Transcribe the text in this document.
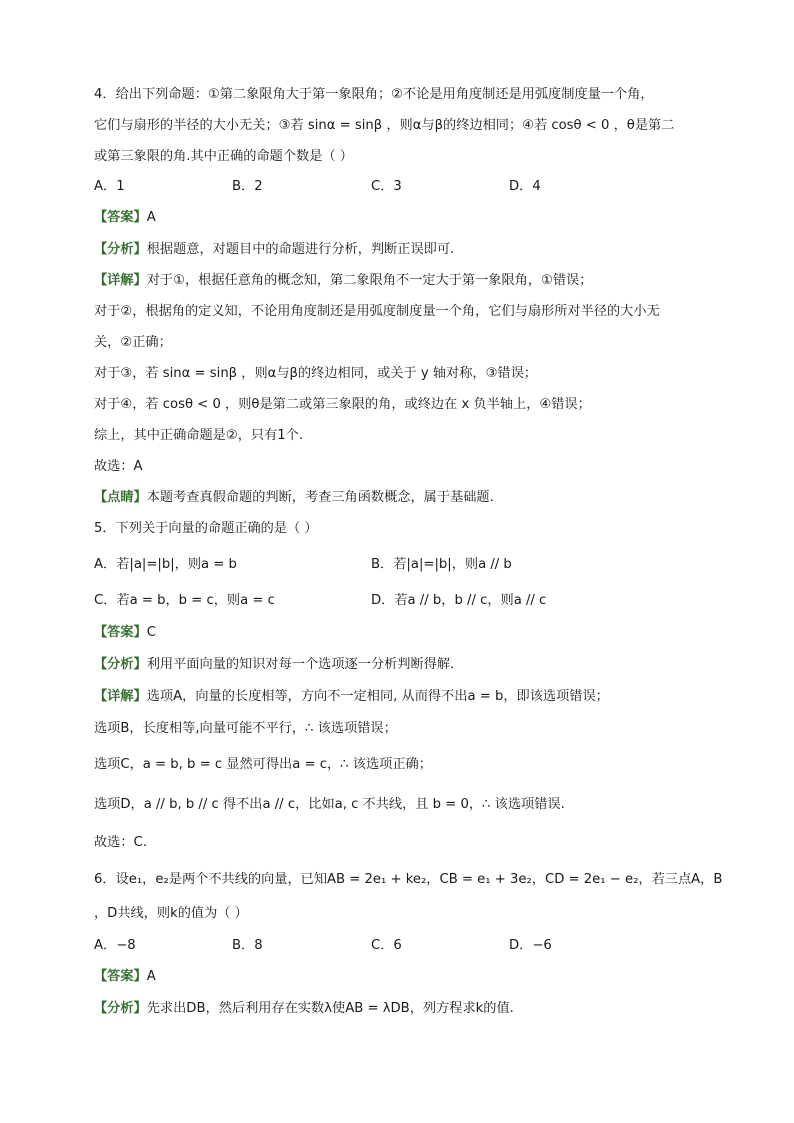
4．给出下列命题：①第二象限角大于第一象限角；②不论是用角度制还是用弧度制度量一个角，
它们与扇形的半径的大小无关；③若 sinα = sinβ ，则α与β的终边相同；④若 cosθ < 0 ，θ是第二
或第三象限的角.其中正确的命题个数是（ ）
A．1	B．2	C．3	D．4
【答案】A
【分析】根据题意，对题目中的命题进行分析，判断正误即可.
【详解】对于①，根据任意角的概念知，第二象限角不一定大于第一象限角，①错误；
对于②，根据角的定义知，不论用角度制还是用弧度制度量一个角，它们与扇形所对半径的大小无
关，②正确；
对于③，若 sinα = sinβ ，则α与β的终边相同，或关于 y 轴对称，③错误；
对于④，若 cosθ < 0 ，则θ是第二或第三象限的角，或终边在 x 负半轴上，④错误；
综上，其中正确命题是②，只有1个.
故选：A
【点睛】本题考查真假命题的判断，考查三角函数概念，属于基础题.
5．下列关于向量的命题正确的是（ ）
A．若|a|=|b|，则a = b	B．若|a|=|b|，则a // b
C．若a = b，b = c，则a = c	D．若a // b，b // c，则a // c
【答案】C
【分析】利用平面向量的知识对每一个选项逐一分析判断得解．
【详解】选项A，向量的长度相等，方向不一定相同, 从而得不出a = b，即该选项错误；
选项B，长度相等,向量可能不平行，∴ 该选项错误；
选项C，a = b, b = c 显然可得出a = c，∴ 该选项正确；
选项D，a // b, b // c 得不出a // c，比如a, c 不共线，且 b = 0，∴ 该选项错误.
故选：C.
6．设e₁，e₂是两个不共线的向量，已知AB = 2e₁ + ke₂，CB = e₁ + 3e₂，CD = 2e₁ − e₂，若三点A，B
，D共线，则k的值为（ ）
A．−8	B．8	C．6	D．−6
【答案】A
【分析】先求出DB，然后利用存在实数λ使AB = λDB，列方程求k的值.
